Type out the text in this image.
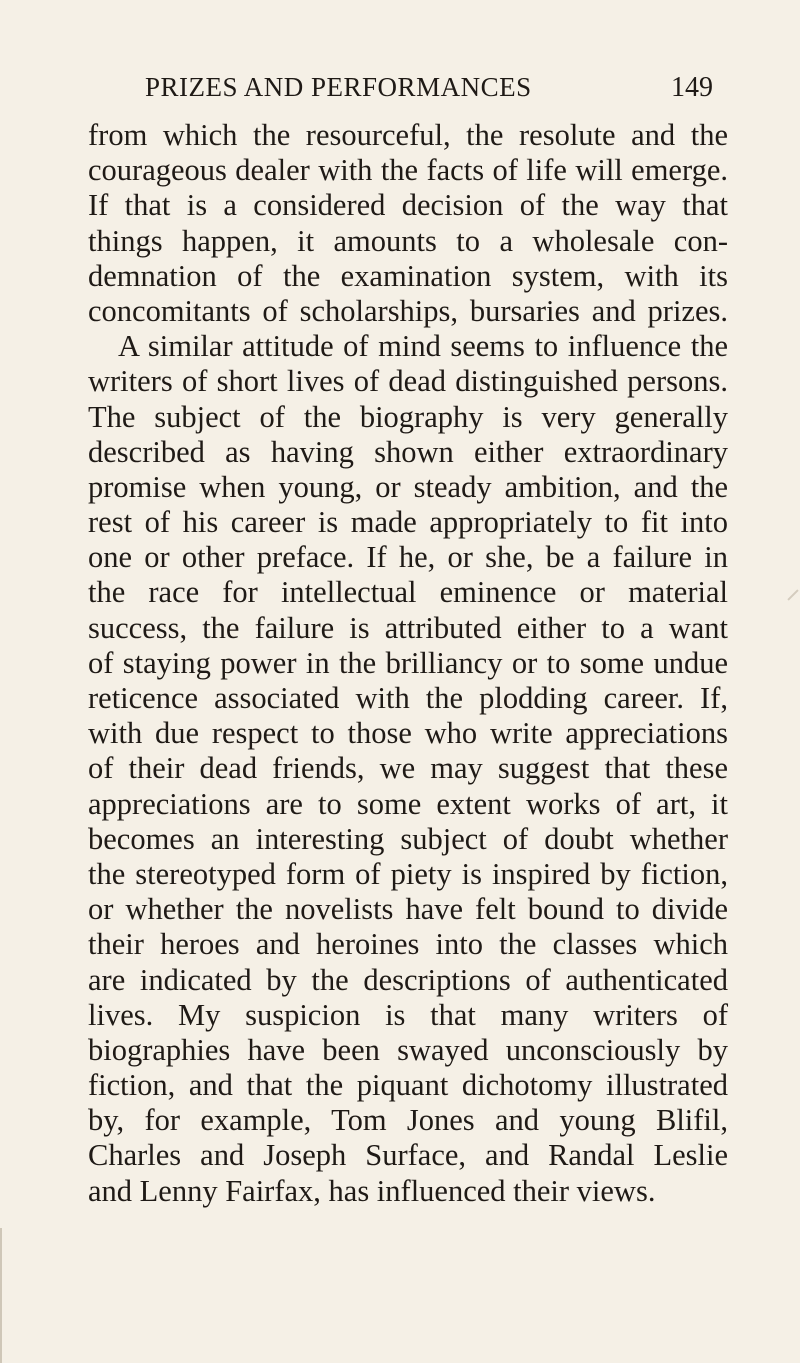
PRIZES AND PERFORMANCES	149
from which the resourceful, the resolute and the
courageous dealer with the facts of life will emerge.
If that is a considered decision of the way that
things happen, it amounts to a wholesale con-
demnation of the examination system, with its
concomitants of scholarships, bursaries and prizes.
A similar attitude of mind seems to influence the
writers of short lives of dead distinguished persons.
The subject of the biography is very generally
described as having shown either extraordinary
promise when young, or steady ambition, and the
rest of his career is made appropriately to fit into
one or other preface. If he, or she, be a failure in
the race for intellectual eminence or material
success, the failure is attributed either to a want
of staying power in the brilliancy or to some undue
reticence associated with the plodding career. If,
with due respect to those who write appreciations
of their dead friends, we may suggest that these
appreciations are to some extent works of art, it
becomes an interesting subject of doubt whether
the stereotyped form of piety is inspired by fiction,
or whether the novelists have felt bound to divide
their heroes and heroines into the classes which
are indicated by the descriptions of authenticated
lives. My suspicion is that many writers of
biographies have been swayed unconsciously by
fiction, and that the piquant dichotomy illustrated
by, for example, Tom Jones and young Blifil,
Charles and Joseph Surface, and Randal Leslie
and Lenny Fairfax, has influenced their views.
